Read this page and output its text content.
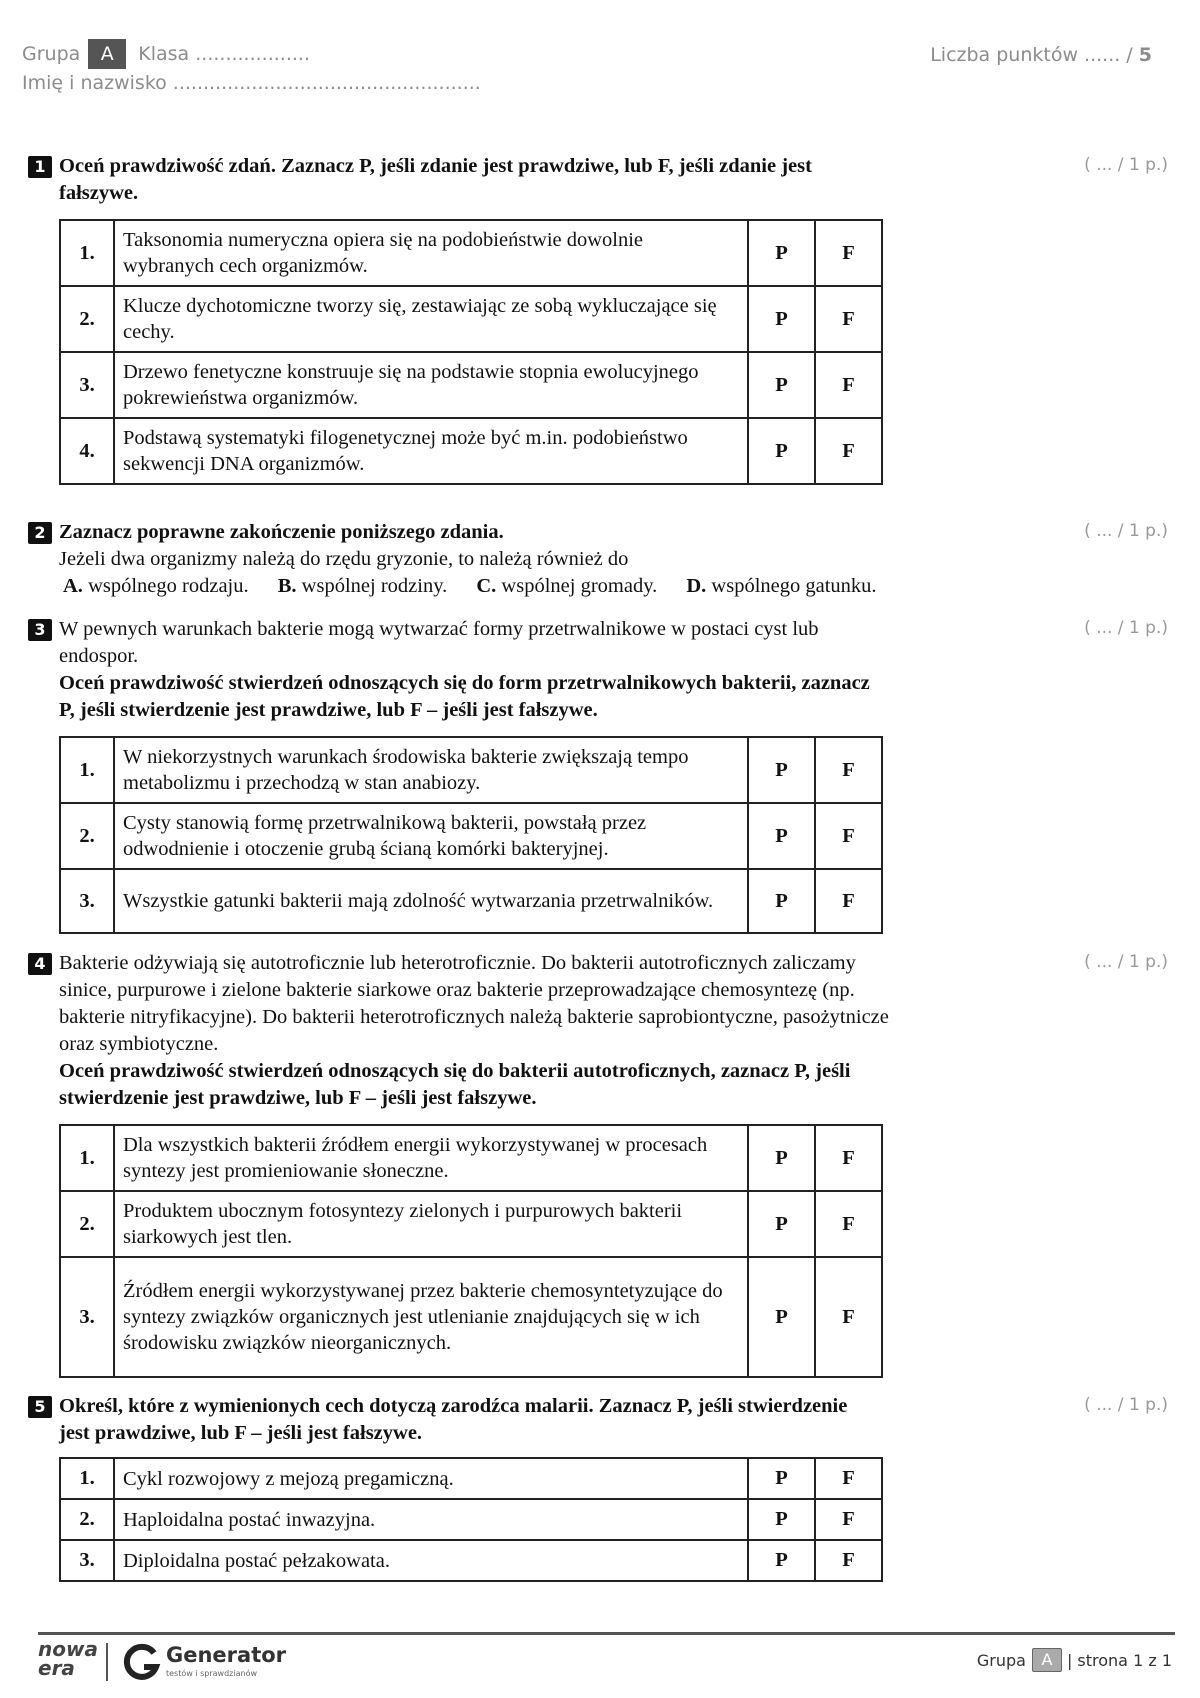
Grupa	A	Klasa ...................	Liczba punktów ...... / 5
Imię i nazwisko ...................................................
1	( ... / 1 p.)
Oceń prawdziwość zdań. Zaznacz P, jeśli zdanie jest prawdziwe, lub F, jeśli zdanie jest fałszywe.
1.	Taksonomia numeryczna opiera się na podobieństwie dowolnie wybranych cech organizmów.	P	F
2.	Klucze dychotomiczne tworzy się, zestawiając ze sobą wykluczające się cechy.	P	F
3.	Drzewo fenetyczne konstruuje się na podstawie stopnia ewolucyjnego pokrewieństwa organizmów.	P	F
4.	Podstawą systematyki filogenetycznej może być m.in. podobieństwo sekwencji DNA organizmów.	P	F
2	( ... / 1 p.)
Zaznacz poprawne zakończenie poniższego zdania.
Jeżeli dwa organizmy należą do rzędu gryzonie, to należą również do
A. wspólnego rodzaju. B. wspólnej rodziny. C. wspólnej gromady. D. wspólnego gatunku.
3	( ... / 1 p.)
W pewnych warunkach bakterie mogą wytwarzać formy przetrwalnikowe w postaci cyst lub endospor.
Oceń prawdziwość stwierdzeń odnoszących się do form przetrwalnikowych bakterii, zaznacz P, jeśli stwierdzenie jest prawdziwe, lub F – jeśli jest fałszywe.
1.	W niekorzystnych warunkach środowiska bakterie zwiększają tempo metabolizmu i przechodzą w stan anabiozy.	P	F
2.	Cysty stanowią formę przetrwalnikową bakterii, powstałą przez odwodnienie i otoczenie grubą ścianą komórki bakteryjnej.	P	F
3.	Wszystkie gatunki bakterii mają zdolność wytwarzania przetrwalników.	P	F
4	( ... / 1 p.)
Bakterie odżywiają się autotroficznie lub heterotroficznie. Do bakterii autotroficznych zaliczamy sinice, purpurowe i zielone bakterie siarkowe oraz bakterie przeprowadzające chemosyntezę (np. bakterie nitryfikacyjne). Do bakterii heterotroficznych należą bakterie saprobiontyczne, pasożytnicze oraz symbiotyczne.
Oceń prawdziwość stwierdzeń odnoszących się do bakterii autotroficznych, zaznacz P, jeśli stwierdzenie jest prawdziwe, lub F – jeśli jest fałszywe.
1.	Dla wszystkich bakterii źródłem energii wykorzystywanej w procesach syntezy jest promieniowanie słoneczne.	P	F
2.	Produktem ubocznym fotosyntezy zielonych i purpurowych bakterii siarkowych jest tlen.	P	F
3.	Źródłem energii wykorzystywanej przez bakterie chemosyntetyzujące do syntezy związków organicznych jest utlenianie znajdujących się w ich środowisku związków nieorganicznych.	P	F
5	( ... / 1 p.)
Określ, które z wymienionych cech dotyczą zarodźca malarii. Zaznacz P, jeśli stwierdzenie jest prawdziwe, lub F – jeśli jest fałszywe.
1.	Cykl rozwojowy z mejozą pregamiczną.	P	F
2.	Haploidalna postać inwazyjna.	P	F
3.	Diploidalna postać pełzakowata.	P	F
nowa
era
Generator
testów i sprawdzianów
Grupa A | strona 1 z 1
